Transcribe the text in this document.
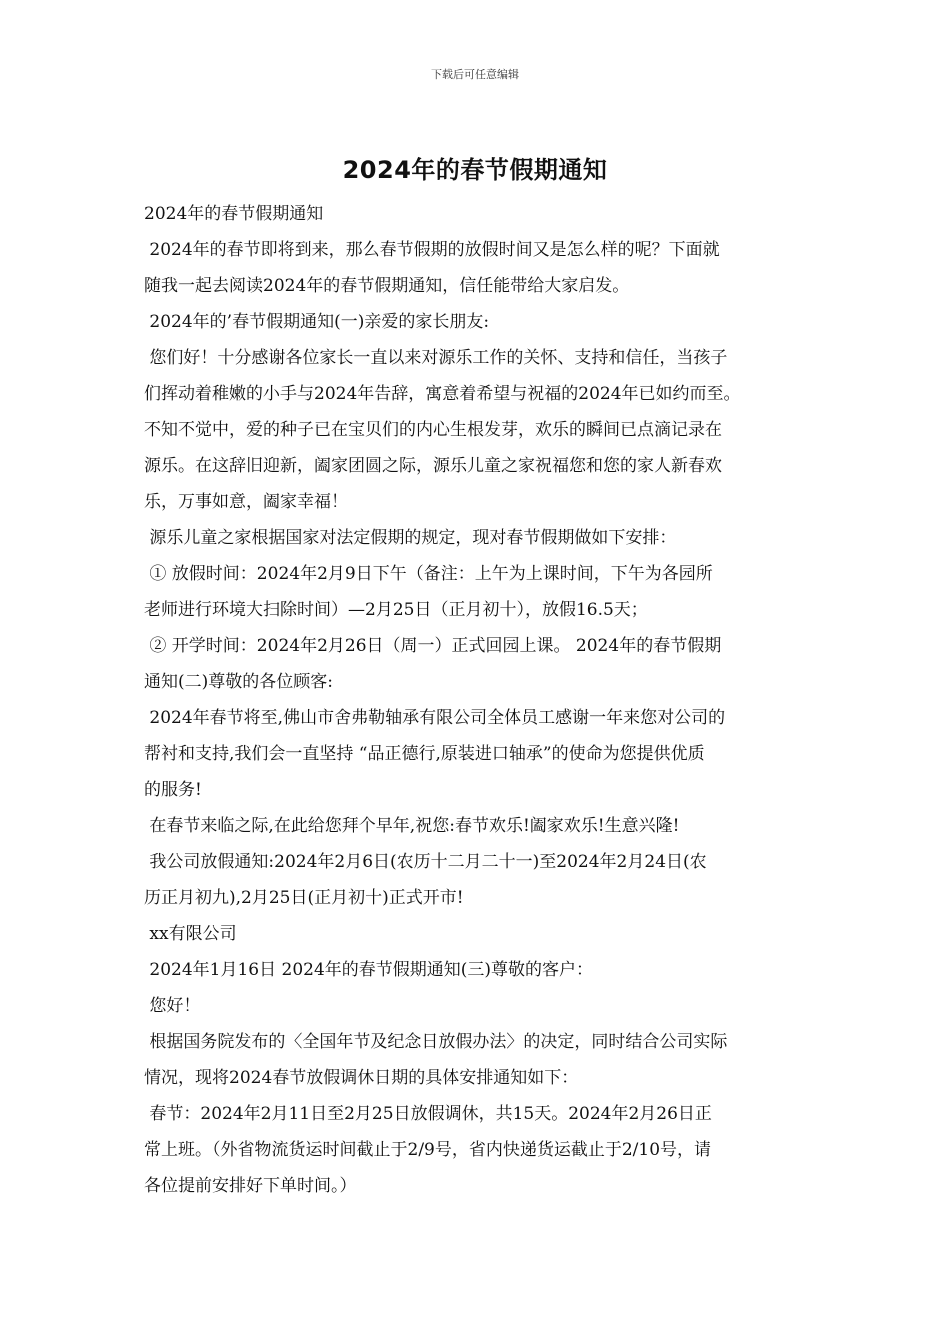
下载后可任意编辑
2024年的春节假期通知

2024年的春节假期通知

2024年的春节即将到来，那么春节假期的放假时间又是怎么样的呢？下面就

随我一起去阅读2024年的春节假期通知，信任能带给大家启发。

2024年的’春节假期通知(一)亲爱的家长朋友:

您们好！十分感谢各位家长一直以来对源乐工作的关怀、支持和信任，当孩子

们挥动着稚嫩的小手与2024年告辞，寓意着希望与祝福的2024年已如约而至。

不知不觉中，爱的种子已在宝贝们的内心生根发芽，欢乐的瞬间已点滴记录在

源乐。在这辞旧迎新，阖家团圆之际，源乐儿童之家祝福您和您的家人新春欢

乐，万事如意，阖家幸福！

源乐儿童之家根据国家对法定假期的规定，现对春节假期做如下安排：

① 放假时间：2024年2月9日下午（备注：上午为上课时间，下午为各园所

老师进行环境大扫除时间）—2月25日（正月初十），放假16.5天；

② 开学时间：2024年2月26日（周一）正式回园上课。 2024年的春节假期

通知(二)尊敬的各位顾客:

2024年春节将至,佛山市舍弗勒轴承有限公司全体员工感谢一年来您对公司的

帮衬和支持,我们会一直坚持 “品正德行,原装进口轴承”的使命为您提供优质

的服务!

在春节来临之际,在此给您拜个早年,祝您:春节欢乐!阖家欢乐!生意兴隆!

我公司放假通知:2024年2月6日(农历十二月二十一)至2024年2月24日(农

历正月初九),2月25日(正月初十)正式开市!

xx有限公司

2024年1月16日 2024年的春节假期通知(三)尊敬的客户：

您好！

根据国务院发布的〈全国年节及纪念日放假办法〉的决定，同时结合公司实际

情况，现将2024春节放假调休日期的具体安排通知如下：

春节：2024年2月11日至2月25日放假调休，共15天。2024年2月26日正

常上班。（外省物流货运时间截止于2/9号，省内快递货运截止于2/10号，请

各位提前安排好下单时间。）
